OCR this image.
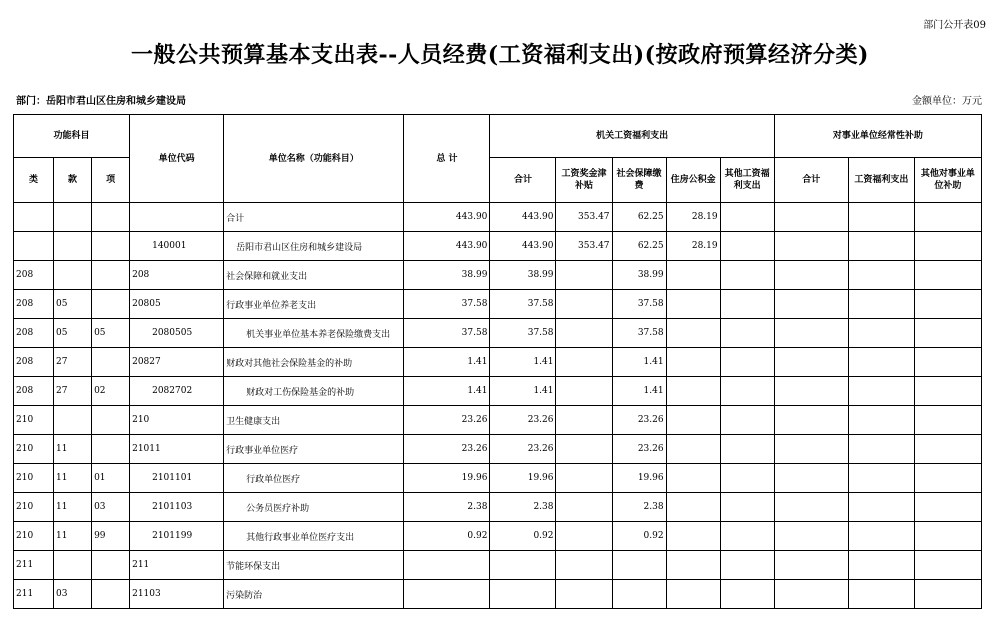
部门公开表09
一般公共预算基本支出表--人员经费(工资福利支出)(按政府预算经济分类)
部门：岳阳市君山区住房和城乡建设局	金额单位：万元
功能科目			单位代码	单位名称（功能科目）	总 计	机关工资福利支出					对事业单位经常性补助		
类	款	项				合计	工资奖金津补贴	社会保障缴费	住房公积金	其他工资福利支出	合计	工资福利支出	其他对事业单位补助
				合计	443.90	443.90	353.47	62.25	28.19				
			140001	岳阳市君山区住房和城乡建设局	443.90	443.90	353.47	62.25	28.19				
208			208	社会保障和就业支出	38.99	38.99		38.99					
208	05		20805	行政事业单位养老支出	37.58	37.58		37.58					
208	05	05	2080505	机关事业单位基本养老保险缴费支出	37.58	37.58		37.58					
208	27		20827	财政对其他社会保险基金的补助	1.41	1.41		1.41					
208	27	02	2082702	财政对工伤保险基金的补助	1.41	1.41		1.41					
210			210	卫生健康支出	23.26	23.26		23.26					
210	11		21011	行政事业单位医疗	23.26	23.26		23.26					
210	11	01	2101101	行政单位医疗	19.96	19.96		19.96					
210	11	03	2101103	公务员医疗补助	2.38	2.38		2.38					
210	11	99	2101199	其他行政事业单位医疗支出	0.92	0.92		0.92					
211			211	节能环保支出									
211	03		21103	污染防治									
